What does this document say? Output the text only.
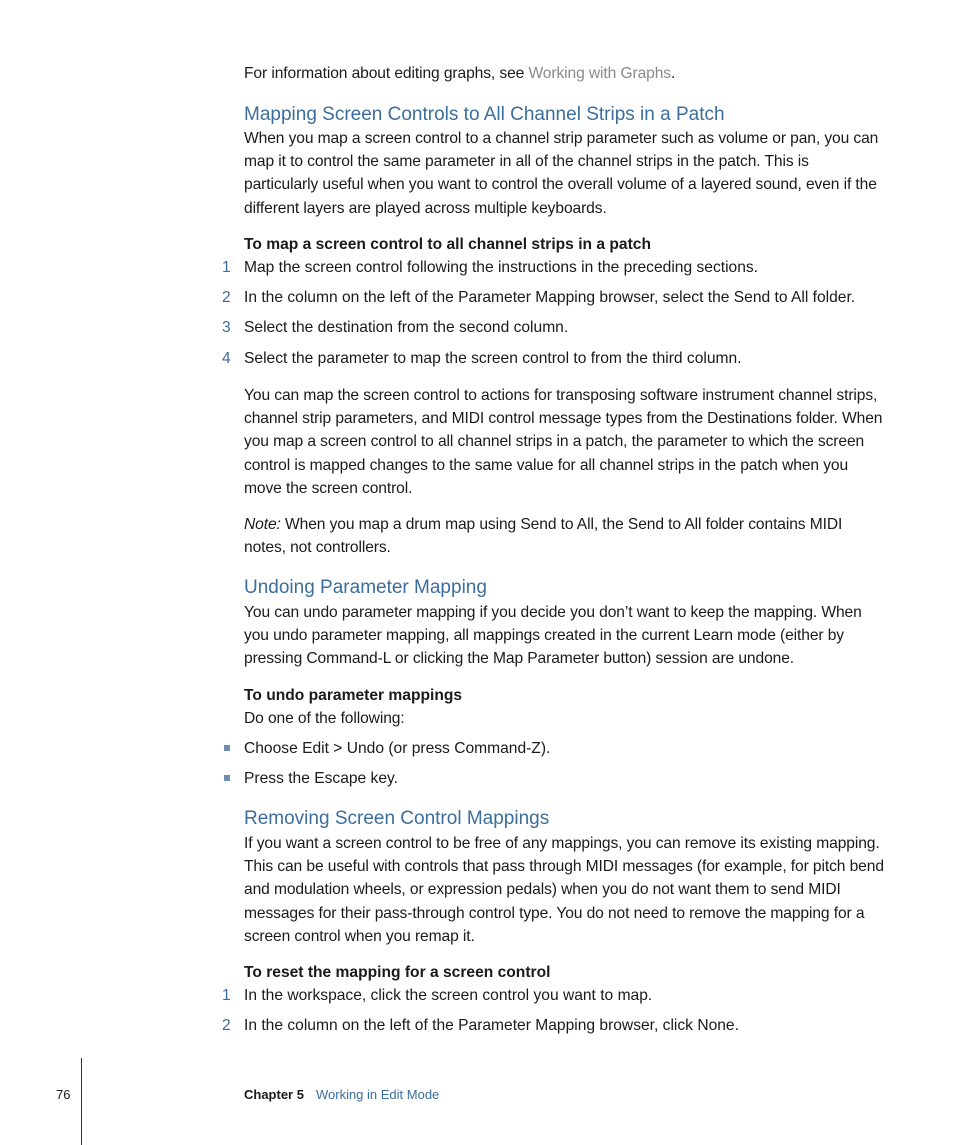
For information about editing graphs, see Working with Graphs.

Mapping Screen Controls to All Channel Strips in a Patch

When you map a screen control to a channel strip parameter such as volume or pan, you can map it to control the same parameter in all of the channel strips in the patch. This is particularly useful when you want to control the overall volume of a layered sound, even if the different layers are played across multiple keyboards.

To map a screen control to all channel strips in a patch
1 Map the screen control following the instructions in the preceding sections.
2 In the column on the left of the Parameter Mapping browser, select the Send to All folder.
3 Select the destination from the second column.
4 Select the parameter to map the screen control to from the third column.

You can map the screen control to actions for transposing software instrument channel strips, channel strip parameters, and MIDI control message types from the Destinations folder. When you map a screen control to all channel strips in a patch, the parameter to which the screen control is mapped changes to the same value for all channel strips in the patch when you move the screen control.

Note: When you map a drum map using Send to All, the Send to All folder contains MIDI notes, not controllers.

Undoing Parameter Mapping

You can undo parameter mapping if you decide you don’t want to keep the mapping. When you undo parameter mapping, all mappings created in the current Learn mode (either by pressing Command-L or clicking the Map Parameter button) session are undone.

To undo parameter mappings

Do one of the following:

Choose Edit > Undo (or press Command-Z).
Press the Escape key.
Removing Screen Control Mappings

If you want a screen control to be free of any mappings, you can remove its existing mapping. This can be useful with controls that pass through MIDI messages (for example, for pitch bend and modulation wheels, or expression pedals) when you do not want them to send MIDI messages for their pass-through control type. You do not need to remove the mapping for a screen control when you remap it.

To reset the mapping for a screen control
1 In the workspace, click the screen control you want to map.
2 In the column on the left of the Parameter Mapping browser, click None.
76	Chapter 5 Working in Edit Mode
